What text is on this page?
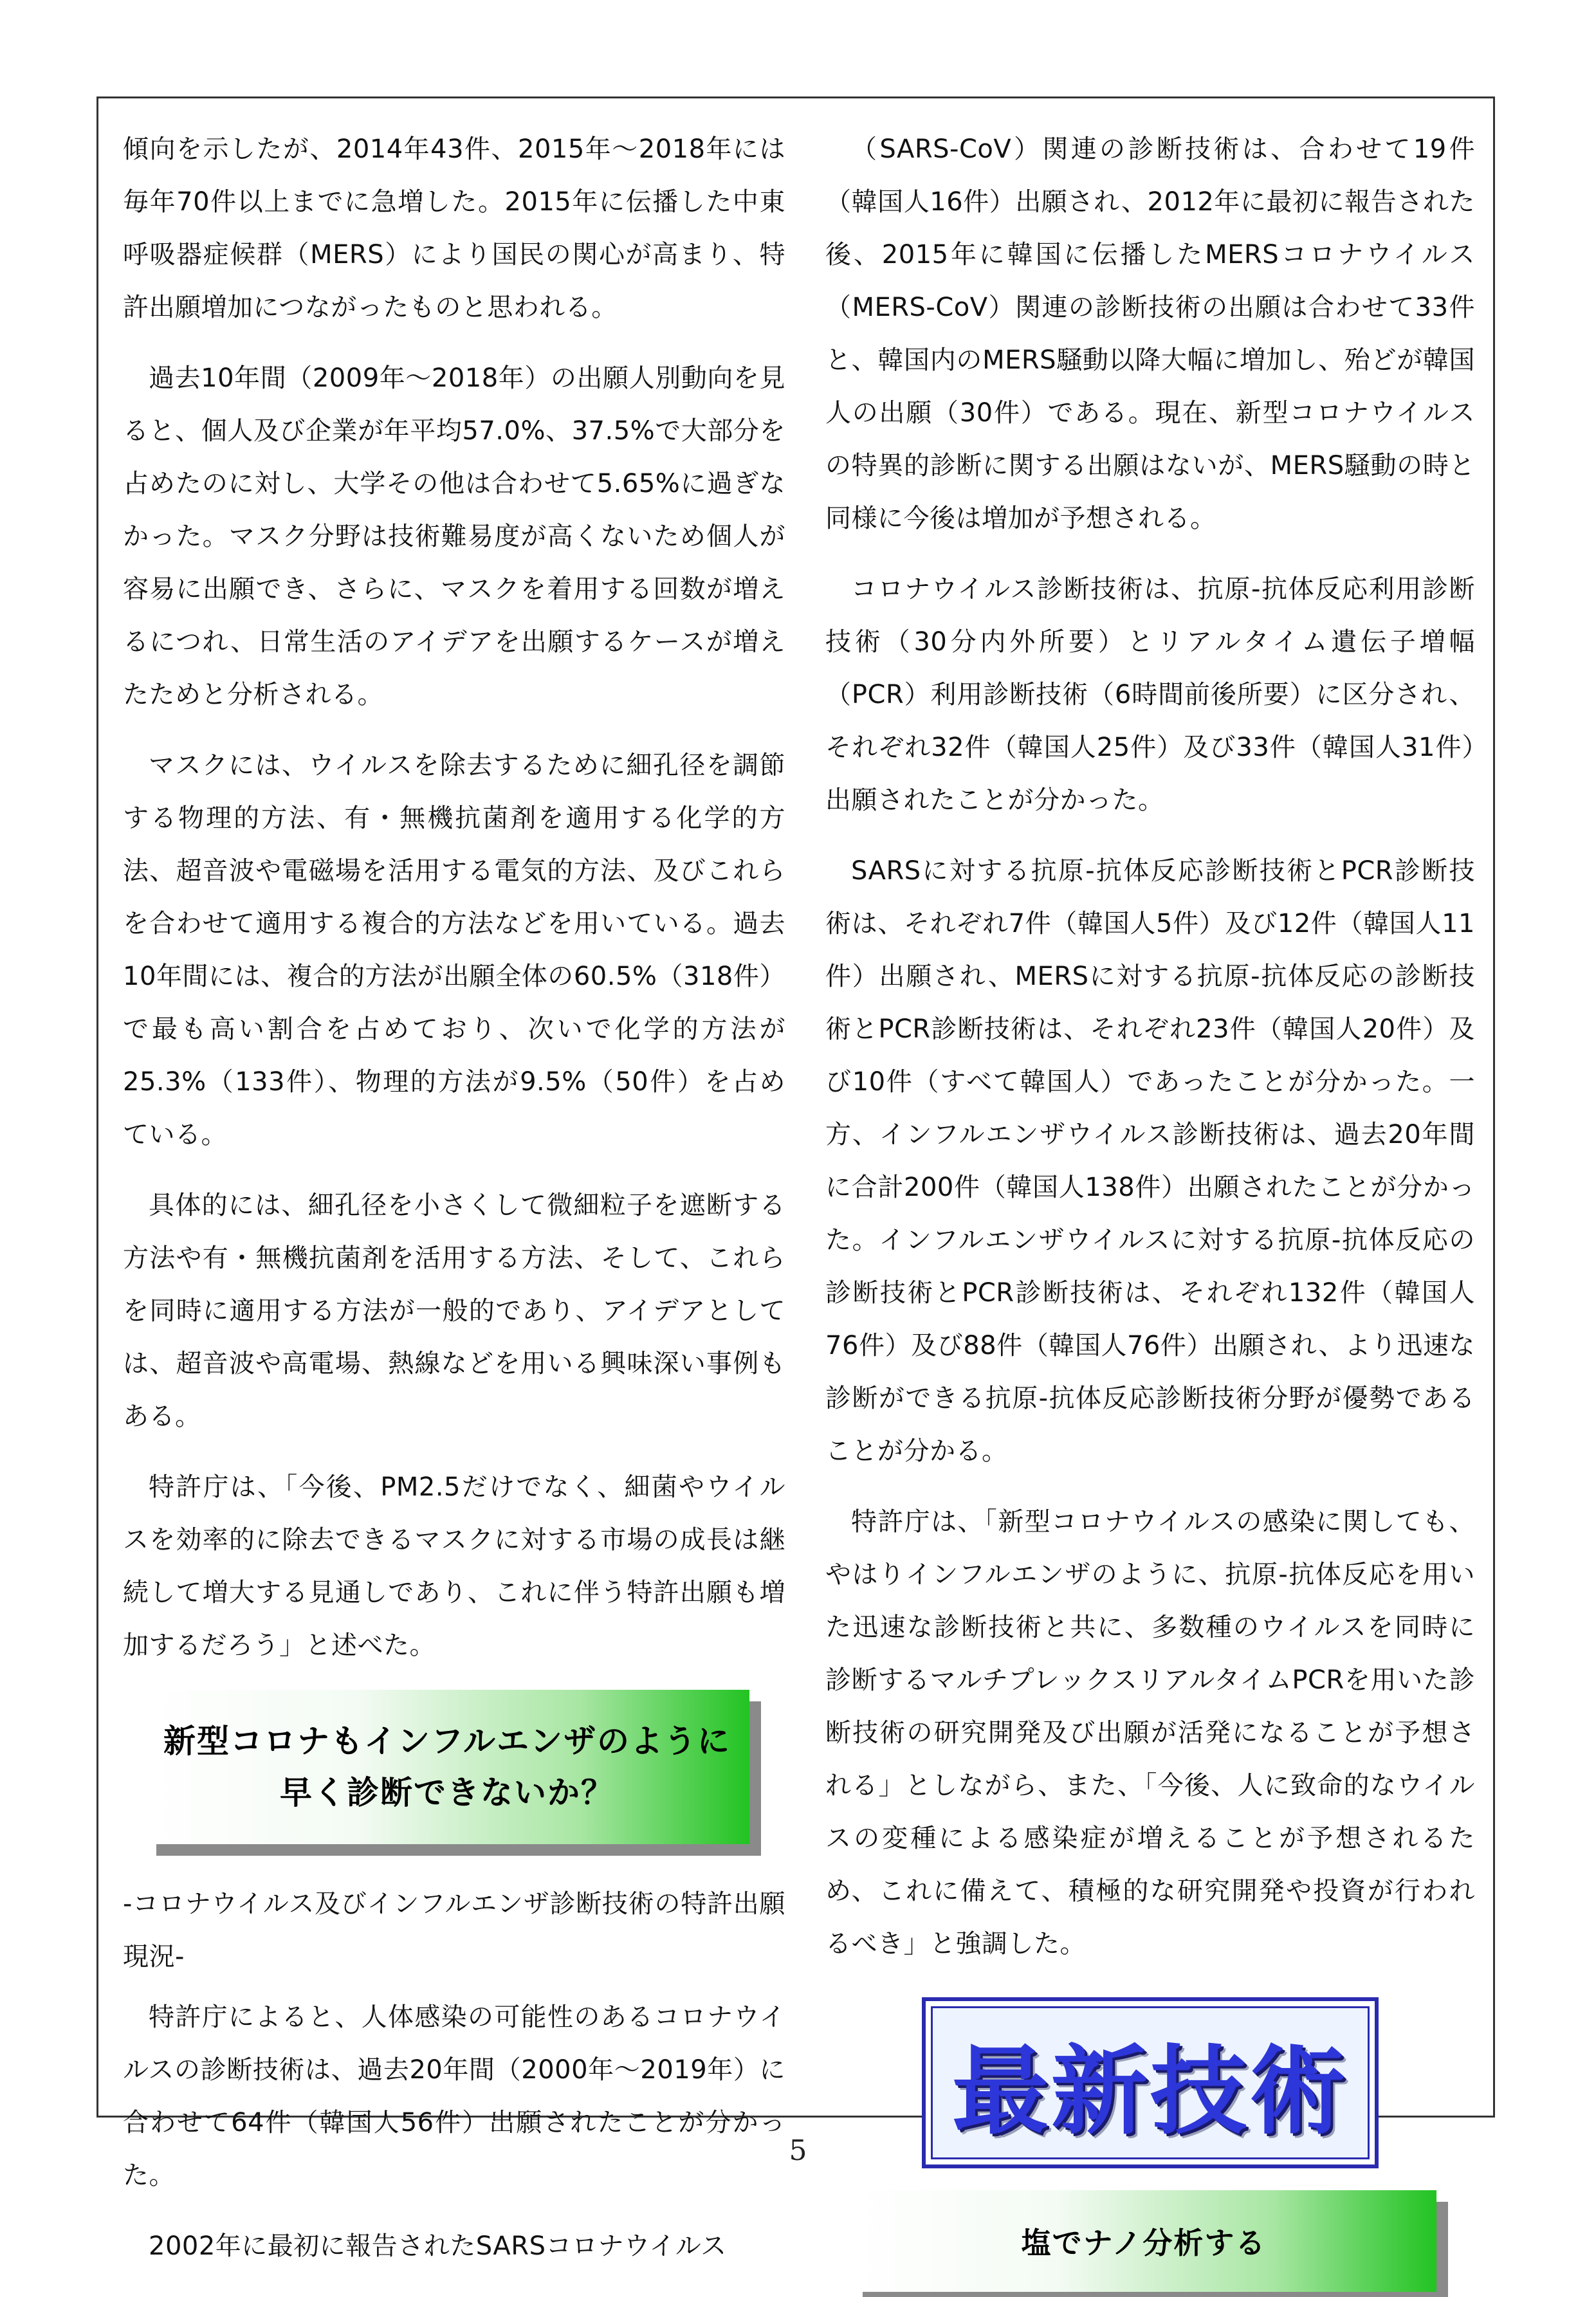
傾向を示したが、2014年43件、2015年～2018年には毎年70件以上までに急増した。2015年に伝播した中東呼吸器症候群（MERS）により国民の関心が高まり、特許出願増加につながったものと思われる。

過去10年間（2009年～2018年）の出願人別動向を見ると、個人及び企業が年平均57.0%、37.5%で大部分を占めたのに対し、大学その他は合わせて5.65%に過ぎなかった。マスク分野は技術難易度が高くないため個人が容易に出願でき、さらに、マスクを着用する回数が増えるにつれ、日常生活のアイデアを出願するケースが増えたためと分析される。

マスクには、ウイルスを除去するために細孔径を調節する物理的方法、有・無機抗菌剤を適用する化学的方法、超音波や電磁場を活用する電気的方法、及びこれらを合わせて適用する複合的方法などを用いている。過去10年間には、複合的方法が出願全体の60.5%（318件）で最も高い割合を占めており、次いで化学的方法が25.3%（133件）、物理的方法が9.5%（50件）を占めている。

具体的には、細孔径を小さくして微細粒子を遮断する方法や有・無機抗菌剤を活用する方法、そして、これらを同時に適用する方法が一般的であり、アイデアとしては、超音波や高電場、熱線などを用いる興味深い事例もある。

特許庁は、「今後、PM2.5だけでなく、細菌やウイルスを効率的に除去できるマスクに対する市場の成長は継続して増大する見通しであり、これに伴う特許出願も増加するだろう」と述べた。

新型コロナもインフルエンザのように
早く診断できないか？

-コロナウイルス及びインフルエンザ診断技術の特許出願現況-

特許庁によると、人体感染の可能性のあるコロナウイルスの診断技術は、過去20年間（2000年～2019年）に合わせて64件（韓国人56件）出願されたことが分かった。

2002年に最初に報告されたSARSコロナウイルス

（SARS-CoV）関連の診断技術は、合わせて19件（韓国人16件）出願され、2012年に最初に報告された後、2015年に韓国に伝播したMERSコロナウイルス（MERS-CoV）関連の診断技術の出願は合わせて33件と、韓国内のMERS騒動以降大幅に増加し、殆どが韓国人の出願（30件）である。現在、新型コロナウイルスの特異的診断に関する出願はないが、MERS騒動の時と同様に今後は増加が予想される。

コロナウイルス診断技術は、抗原-抗体反応利用診断技術（30分内外所要）とリアルタイム遺伝子増幅（PCR）利用診断技術（6時間前後所要）に区分され、それぞれ32件（韓国人25件）及び33件（韓国人31件）出願されたことが分かった。

SARSに対する抗原-抗体反応診断技術とPCR診断技術は、それぞれ7件（韓国人5件）及び12件（韓国人11件）出願され、MERSに対する抗原-抗体反応の診断技術とPCR診断技術は、それぞれ23件（韓国人20件）及び10件（すべて韓国人）であったことが分かった。一方、インフルエンザウイルス診断技術は、過去20年間に合計200件（韓国人138件）出願されたことが分かった。インフルエンザウイルスに対する抗原-抗体反応の診断技術とPCR診断技術は、それぞれ132件（韓国人76件）及び88件（韓国人76件）出願され、より迅速な診断ができる抗原-抗体反応診断技術分野が優勢であることが分かる。

特許庁は、「新型コロナウイルスの感染に関しても、やはりインフルエンザのように、抗原-抗体反応を用いた迅速な診断技術と共に、多数種のウイルスを同時に診断するマルチプレックスリアルタイムPCRを用いた診断技術の研究開発及び出願が活発になることが予想される」としながら、また、「今後、人に致命的なウイルスの変種による感染症が増えることが予想されるため、これに備えて、積極的な研究開発や投資が行われるべき」と強調した。

最新技術
塩でナノ分析する
5
